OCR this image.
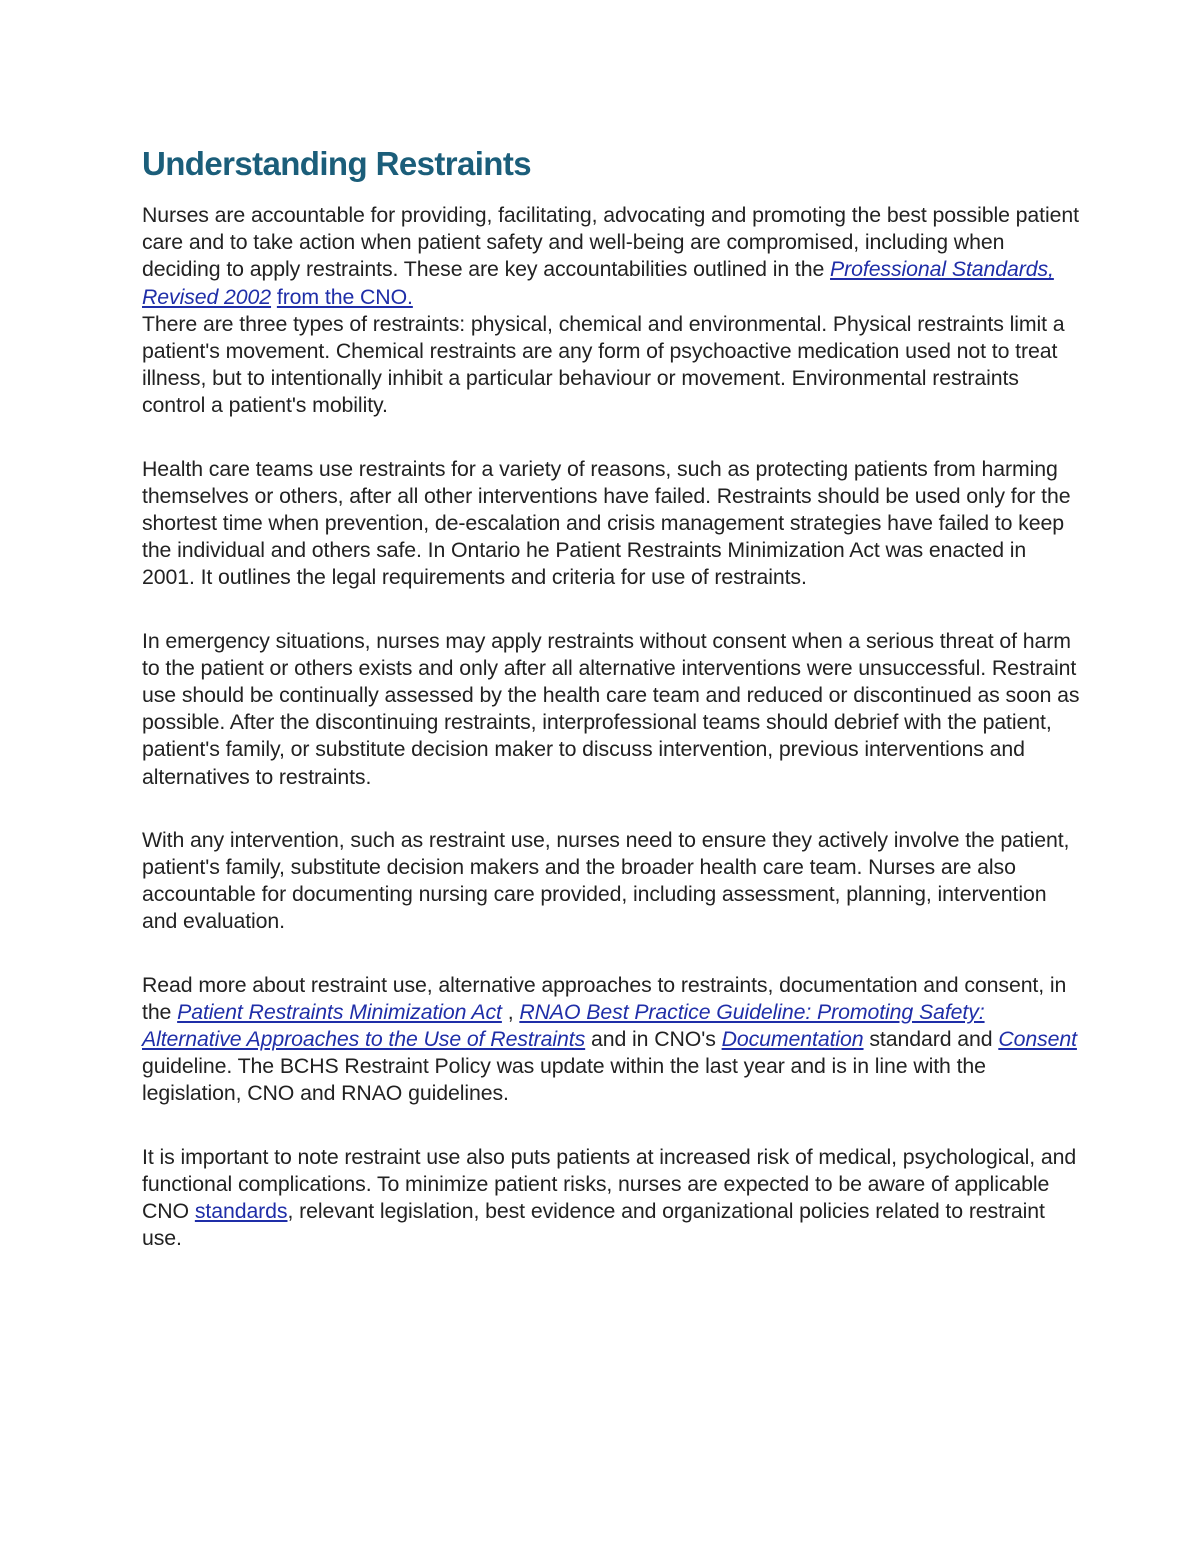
Understanding Restraints

Nurses are accountable for providing, facilitating, advocating and promoting the best possible patient care and to take action when patient safety and well-being are compromised, including when deciding to apply restraints. These are key accountabilities outlined in the Professional Standards, Revised 2002 from the CNO.
There are three types of restraints: physical, chemical and environmental. Physical restraints limit a patient's movement. Chemical restraints are any form of psychoactive medication used not to treat illness, but to intentionally inhibit a particular behaviour or movement. Environmental restraints control a patient's mobility.

Health care teams use restraints for a variety of reasons, such as protecting patients from harming themselves or others, after all other interventions have failed. Restraints should be used only for the shortest time when prevention, de-escalation and crisis management strategies have failed to keep the individual and others safe. In Ontario he Patient Restraints Minimization Act was enacted in 2001. It outlines the legal requirements and criteria for use of restraints.

In emergency situations, nurses may apply restraints without consent when a serious threat of harm to the patient or others exists and only after all alternative interventions were unsuccessful. Restraint use should be continually assessed by the health care team and reduced or discontinued as soon as possible. After the discontinuing restraints, interprofessional teams should debrief with the patient, patient's family, or substitute decision maker to discuss intervention, previous interventions and alternatives to restraints.

With any intervention, such as restraint use, nurses need to ensure they actively involve the patient, patient's family, substitute decision makers and the broader health care team. Nurses are also accountable for documenting nursing care provided, including assessment, planning, intervention and evaluation.

Read more about restraint use, alternative approaches to restraints, documentation and consent, in the Patient Restraints Minimization Act , RNAO Best Practice Guideline: Promoting Safety: Alternative Approaches to the Use of Restraints and in CNO's Documentation standard and Consent guideline. The BCHS Restraint Policy was update within the last year and is in line with the legislation, CNO and RNAO guidelines.

It is important to note restraint use also puts patients at increased risk of medical, psychological, and functional complications. To minimize patient risks, nurses are expected to be aware of applicable CNO standards, relevant legislation, best evidence and organizational policies related to restraint use.
